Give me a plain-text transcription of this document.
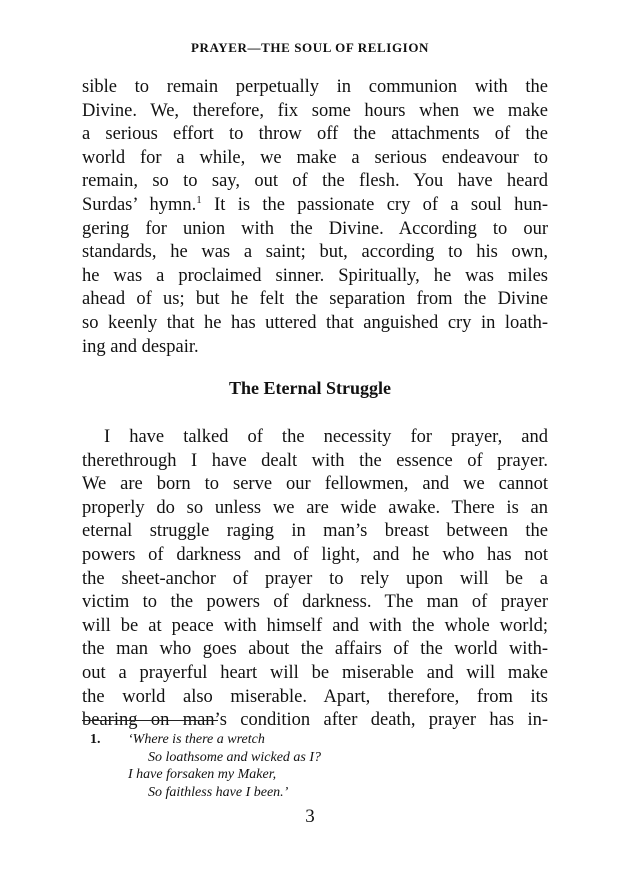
PRAYER—THE SOUL OF RELIGION
sible to remain perpetually in communion with the
Divine. We, therefore, fix some hours when we make
a serious effort to throw off the attachments of the
world for a while, we make a serious endeavour to
remain, so to say, out of the flesh. You have heard
Surdas’ hymn.$^1$ It is the passionate cry of a soul hun-
gering for union with the Divine. According to our
standards, he was a saint; but, according to his own,
he was a proclaimed sinner. Spiritually, he was miles
ahead of us; but he felt the separation from the Divine
so keenly that he has uttered that anguished cry in loath-
ing and despair.
The Eternal Struggle
I have talked of the necessity for prayer, and
therethrough I have dealt with the essence of prayer.
We are born to serve our fellowmen, and we cannot
properly do so unless we are wide awake. There is an
eternal struggle raging in man’s breast between the
powers of darkness and of light, and he who has not
the sheet-anchor of prayer to rely upon will be a
victim to the powers of darkness. The man of prayer
will be at peace with himself and with the whole world;
the man who goes about the affairs of the world with-
out a prayerful heart will be miserable and will make
the world also miserable. Apart, therefore, from its
bearing on man’s condition after death, prayer has in-
1. ‘Where is there a wretch
So loathsome and wicked as I?
I have forsaken my Maker,
So faithless have I been.’
3
